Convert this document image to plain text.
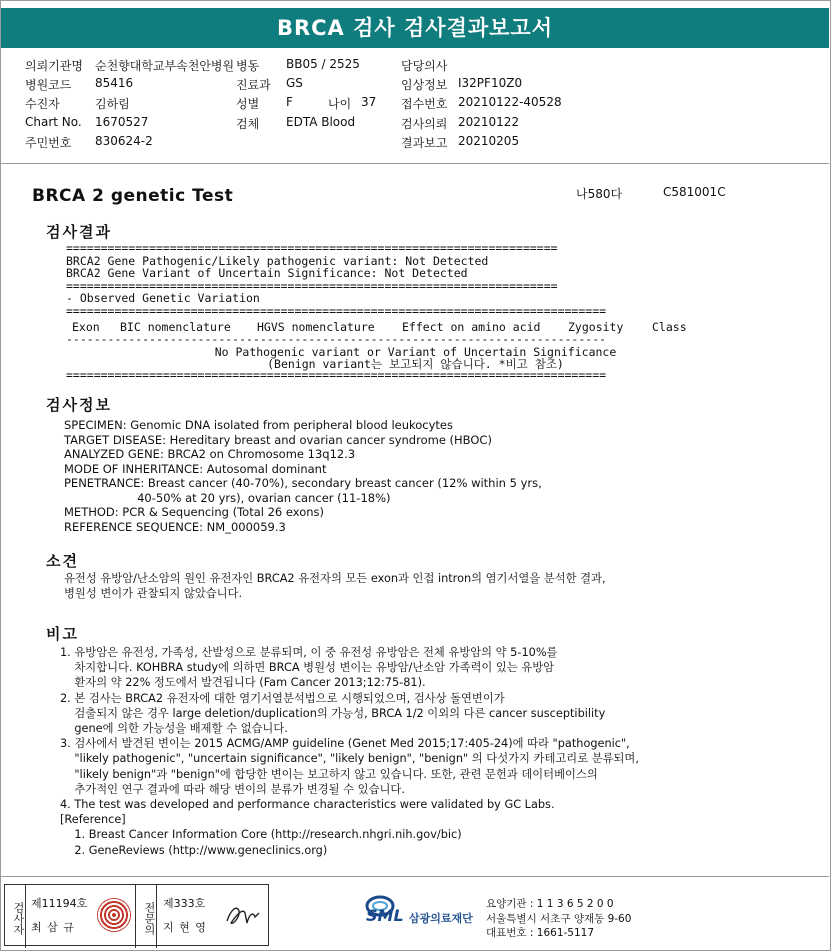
BRCA 검사 검사결과보고서
의뢰기관명 순천향대학교부속천안병원 병동 BB05 / 2525	담당의사
병원코드 85416	진료과 GS	임상정보 I32PF10Z0
수진자	김하림	성별 F	나이 37 접수번호 20210122-40528
Chart No. 1670527	검체 EDTA Blood	검사의뢰 20210122
주민번호 830624-2	결과보고 20210205
BRCA 2 genetic Test	나580다	C581001C
검사결과
=======================================================================
BRCA2 Gene Pathogenic/Likely pathogenic variant: Not Detected
BRCA2 Gene Variant of Uncertain Significance: Not Detected
=======================================================================
- Observed Genetic Variation
==============================================================================
Exon BIC nomenclature HGVS nomenclature Effect on amino acid Zygosity Class
------------------------------------------------------------------------------
No Pathogenic variant or Variant of Uncertain Significance
(Benign variant는 보고되지 않습니다. *비고 참조)
==============================================================================
검사정보
SPECIMEN: Genomic DNA isolated from peripheral blood leukocytes
TARGET DISEASE: Hereditary breast and ovarian cancer syndrome (HBOC)
ANALYZED GENE: BRCA2 on Chromosome 13q12.3
MODE OF INHERITANCE: Autosomal dominant
PENETRANCE: Breast cancer (40-70%), secondary breast cancer (12% within 5 yrs,
40-50% at 20 yrs), ovarian cancer (11-18%)
METHOD: PCR & Sequencing (Total 26 exons)
REFERENCE SEQUENCE: NM_000059.3
소견
유전성 유방암/난소암의 원인 유전자인 BRCA2 유전자의 모든 exon과 인접 intron의 염기서열을 분석한 결과,
병원성 변이가 관찰되지 않았습니다.
비고
1. 유방암은 유전성, 가족성, 산발성으로 분류되며, 이 중 유전성 유방암은 전체 유방암의 약 5-10%를
차지합니다. KOHBRA study에 의하면 BRCA 병원성 변이는 유방암/난소암 가족력이 있는 유방암
환자의 약 22% 정도에서 발견됩니다 (Fam Cancer 2013;12:75-81).
2. 본 검사는 BRCA2 유전자에 대한 염기서열분석법으로 시행되었으며, 검사상 돌연변이가
검출되지 않은 경우 large deletion/duplication의 가능성, BRCA 1/2 이외의 다른 cancer susceptibility
gene에 의한 가능성을 배제할 수 없습니다.
3. 검사에서 발견된 변이는 2015 ACMG/AMP guideline (Genet Med 2015;17:405-24)에 따라 "pathogenic",
"likely pathogenic", "uncertain significance", "likely benign", "benign" 의 다섯가지 카테고리로 분류되며,
"likely benign"과 "benign"에 합당한 변이는 보고하지 않고 있습니다. 또한, 관련 문헌과 데이터베이스의
추가적인 연구 결과에 따라 해당 변이의 분류가 변경될 수 있습니다.
4. The test was developed and performance characteristics were validated by GC Labs.
[Reference]
1. Breast Cancer Information Core (http://research.nhgri.nih.gov/bic)
2. GeneReviews (http://www.geneclinics.org)
검사자 제11194호
최 삼 규	전문의 제333호
지 현 영
SML 삼광의료재단
요양기관 : 1 1 3 6 5 2 0 0
서울특별시 서초구 양재동 9-60
대표번호 : 1661-5117
